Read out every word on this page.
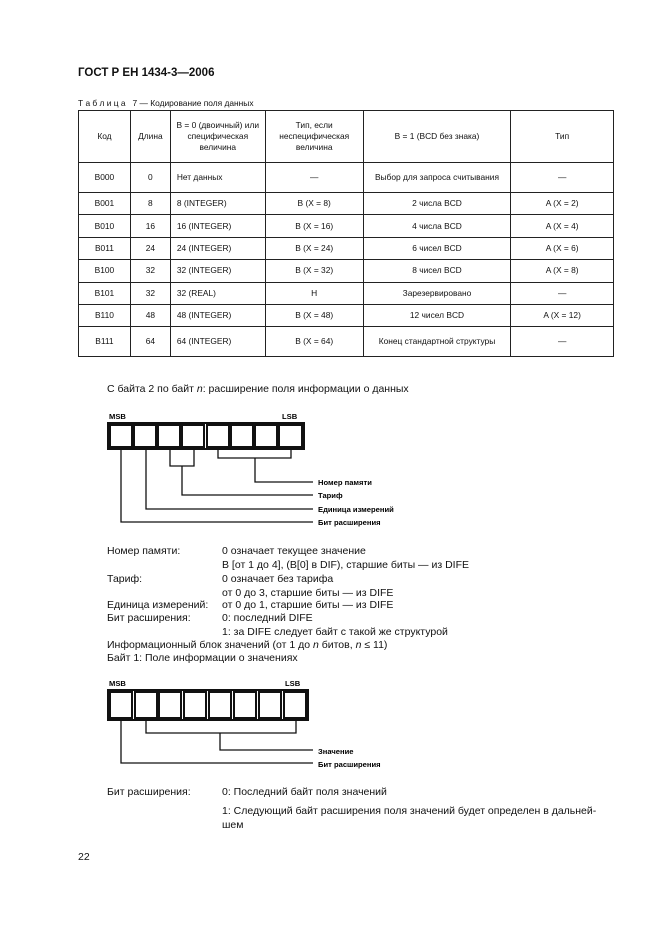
ГОСТ Р ЕН 1434-3—2006
Т а б л и ц а   7 — Кодирование поля данных
Код	Длина	B = 0 (двоичный) или специфическая величина	Тип, если неспецифическая величина	B = 1 (BCD без знака)	Тип
B000	0	Нет данных	—	Выбор для запроса считывания	—
B001	8	8 (INTEGER)	B (X = 8)	2 числа BCD	A (X = 2)
B010	16	16 (INTEGER)	B (X = 16)	4 числа BCD	A (X = 4)
B011	24	24 (INTEGER)	B (X = 24)	6 чисел BCD	A (X = 6)
B100	32	32 (INTEGER)	B (X = 32)	8 чисел BCD	A (X = 8)
B101	32	32 (REAL)	H	Зарезервировано	—
B110	48	48 (INTEGER)	B (X = 48)	12 чисел BCD	A (X = 12)
B111	64	64 (INTEGER)	B (X = 64)	Конец стандартной структуры	—
С байта 2 по байт n: расширение поля информации о данных
MSB	LSB
Номер памяти
Тариф
Единица измерений
Бит расширения
MSB	LSB
Значение
Бит расширения
Номер памяти:	0 означает текущее значение
B [от 1 до 4], (B[0] в DIF), старшие биты — из DIFE
Тариф:	0 означает без тарифа
от 0 до 3, старшие биты — из DIFE
Единица измерений: от 0 до 1, старшие биты — из DIFE
Бит расширения:	0: последний DIFE
1: за DIFE следует байт с такой же структурой
Информационный блок значений (от 1 до n битов, n ≤ 11)
Байт 1: Поле информации о значениях
Бит расширения:	0: Последний байт поля значений
1: Следующий байт расширения поля значений будет определен в дальней-
шем
22
